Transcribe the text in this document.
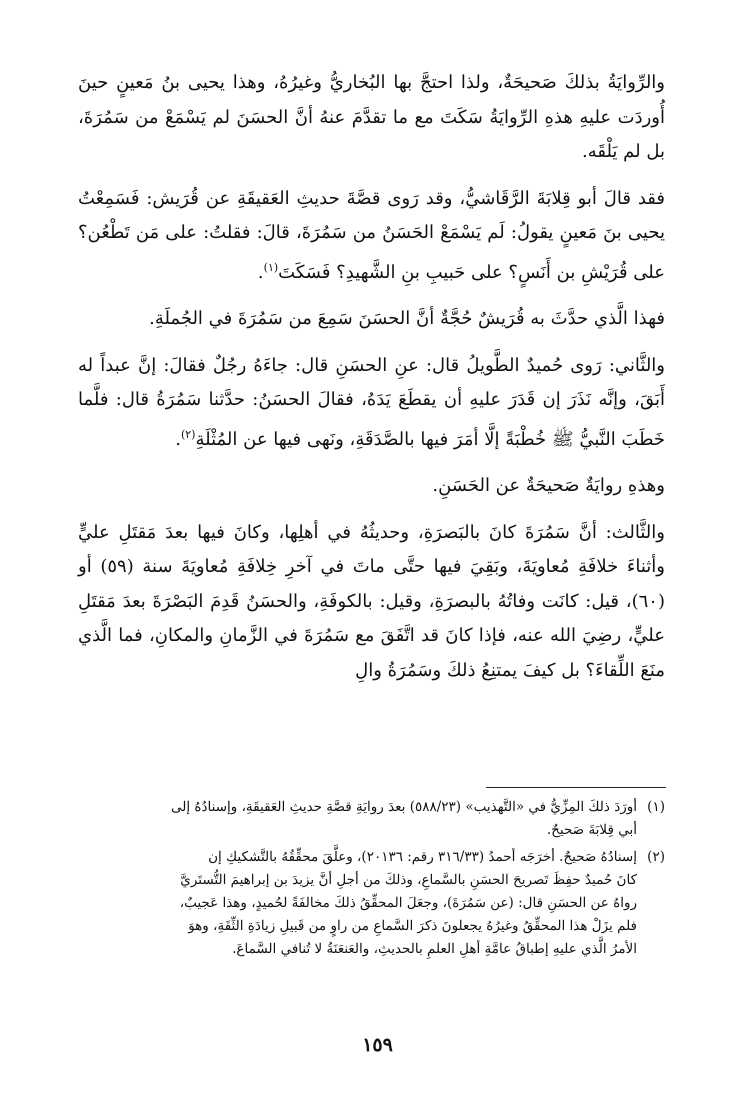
والرِّوايَةُ بذلكَ صَحيحَةٌ، ولذا احتجَّ بها البُخاريُّ وغيرُهُ، وهذا يحيى بنُ مَعينٍ حينَ أُوردَت عليهِ هذهِ الرِّوايَةُ سَكَتَ مع ما تقدَّمَ عنهُ أنَّ الحسَنَ لم يَسْمَعْ من سَمُرَةَ، بل لم يَلْقَه.

فقد قالَ أبو قِلابَةَ الرَّقَاشيُّ، وقد رَوى قصَّةَ حديثِ العَقيقَةِ عن قُرَيش: فَسَمِعْتُ يحيى بنَ مَعينٍ يقولُ: لَم يَسْمَعْ الحَسَنُ من سَمُرَةَ، قالَ: فقلتُ: على مَن تَطْعُن؟ على قُرَيْشِ بن أَنَسٍ؟ على حَبيبِ بنِ الشَّهيدِ؟ فَسَكَتَ$^{(١)}$.

فهذا الَّذي حدَّثَ به قُرَيشٌ حُجَّةٌ أنَّ الحسَنَ سَمِعَ من سَمُرَةَ في الجُملَةِ.

والثَّاني: رَوى حُميدٌ الطَّويلُ قال: عنِ الحسَنِ قال: جاءَهُ رجُلٌ فقالَ: إنَّ عبداً له أَبَقَ، وإنَّه نَذَرَ إن قَدَرَ عليهِ أن يقطَعَ يَدَهُ، فقالَ الحسَنُ: حدَّثنا سَمُرَةُ قال: فلَّما خَطَبَ النَّبيُّ ﷺ خُطْبَةً إلَّا أمَرَ فيها بالصَّدَقَةِ، ونَهى فيها عن المُثْلَةِ$^{(٢)}$.

وهذهِ روايَةٌ صَحيحَةٌ عن الحَسَنِ.

والثَّالث: أنَّ سَمُرَةَ كانَ بالبَصرَةِ، وحديثُهُ في أهلِها، وكانَ فيها بعدَ مَقتَلِ عليٍّ وأثناءَ خلافَةِ مُعاويَةَ، وبَقِيَ فيها حتَّى ماتَ في آخرِ خِلافَةِ مُعاويَةَ سنة (٥٩) أو (٦٠)، قيل: كانَت وفاتُهُ بالبصرَةِ، وقيل: بالكوفَةِ، والحسَنُ قَدِمَ البَصْرَةَ بعدَ مَقتَلِ عليٍّ، رضِيَ الله عنه، فإذا كانَ قد اتَّفَقَ مع سَمُرَةَ في الزَّمانِ والمكانِ، فما الَّذي منَعَ اللِّقاءَ؟ بل كيفَ يمتنِعُ ذلكَ وسَمُرَةُ والِ

(١)
أورَدَ ذلكَ المِزِّيُّ في «التَّهذيب» (٥٨٨/٢٣) بعدَ روايَةِ قصَّةِ حديثِ العَقيقَةِ، وإسنادُهُ إلى
أبي قِلابَةَ صَحيحٌ.
(٢)
إسنادُهُ صَحيحٌ. أخرَجَه أحمدُ (٣١٦/٣٣ رقم: ٢٠١٣٦)، وعلَّقَ محقِّقُهُ بالتَّشكيكِ إن
كانَ حُميدٌ حفِظَ تَصريحَ الحسَنِ بالسَّماعِ، وذلكَ من أجلِ أنَّ يزيدَ بن إبراهيمَ التُّستَريَّ
رواهُ عن الحسَنِ قال: (عن سَمُرَةَ)، وجعَلَ المحقِّقُ ذلكَ مخالفَةً لحُميدٍ، وهذا عَجيبٌ،
فلم يزَلْ هذا المحقِّقُ وغيرُهُ يجعلونَ ذكرَ السَّماعِ من راوٍ من قَبيلِ زيادَةِ الثِّقَةِ، وهوَ
الأمرُ الَّذي عليهِ إطباقُ عامَّةِ أهلِ العلمِ بالحديثِ، والعَنعَنَةُ لا تُنافي السَّماعَ.
١٥٩
